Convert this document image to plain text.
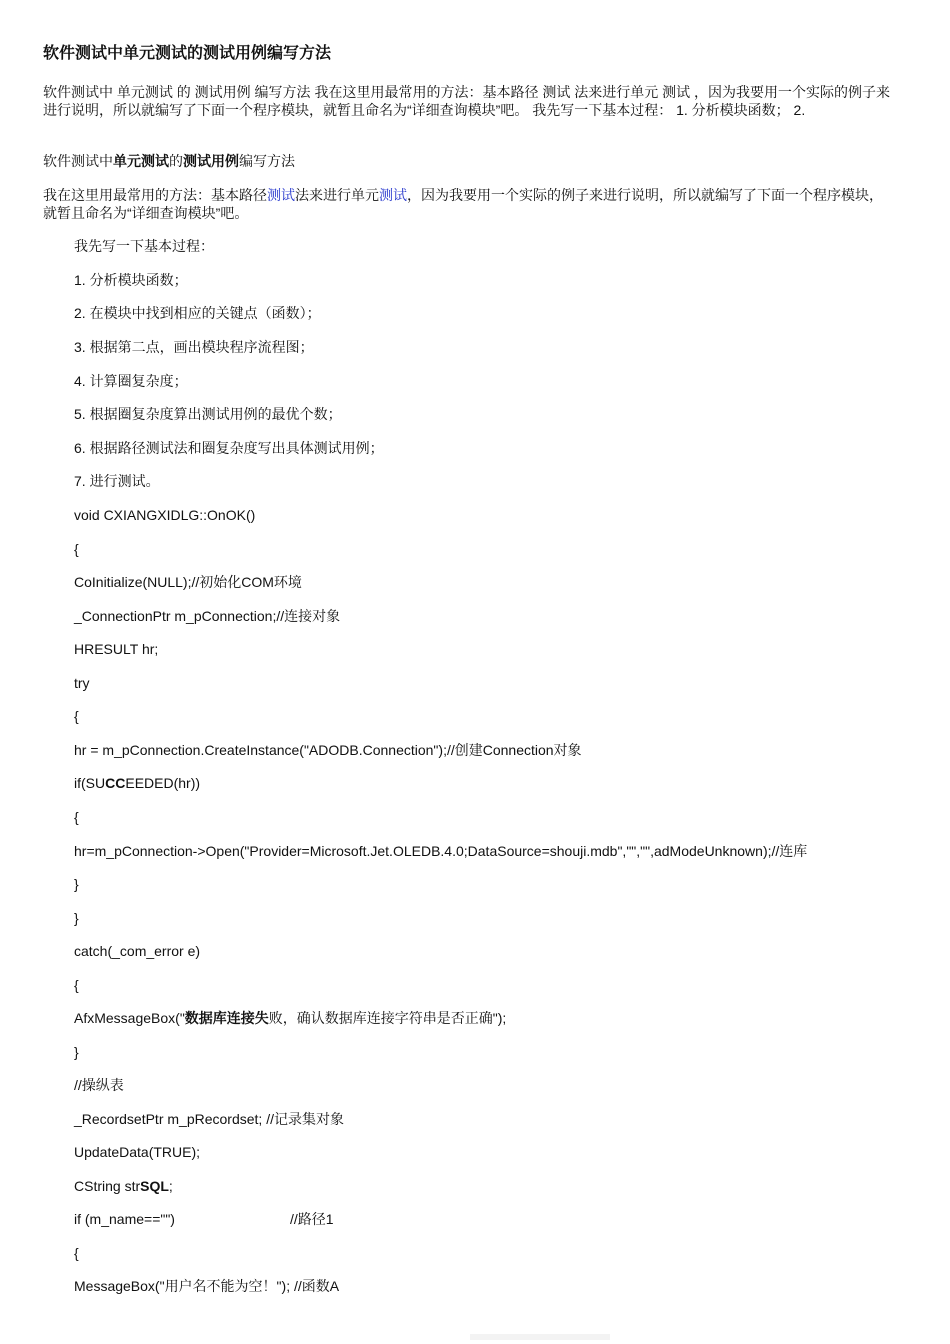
软件测试中单元测试的测试用例编写方法
软件测试中 单元测试 的 测试用例 编写方法 我在这里用最常用的方法：基本路径 测试 法来进行单元 测试 ，因为我要用一个实际的例子来进行说明，所以就编写了下面一个程序模块，就暂且命名为“详细查询模块”吧。 我先写一下基本过程： 1. 分析模块函数； 2.
软件测试中单元测试的测试用例编写方法
我在这里用最常用的方法：基本路径测试法来进行单元测试，因为我要用一个实际的例子来进行说明，所以就编写了下面一个程序模块，就暂且命名为“详细查询模块”吧。
我先写一下基本过程：
1. 分析模块函数；
2. 在模块中找到相应的关键点（函数）；
3. 根据第二点，画出模块程序流程图；
4. 计算圈复杂度；
5. 根据圈复杂度算出测试用例的最优个数；
6. 根据路径测试法和圈复杂度写出具体测试用例；
7. 进行测试。
void CXIANGXIDLG::OnOK()
{
CoInitialize(NULL);//初始化COM环境
_ConnectionPtr m_pConnection;//连接对象
HRESULT hr;
try
{
hr = m_pConnection.CreateInstance("ADODB.Connection");//创建Connection对象
if(SUCCEEDED(hr))
{
hr=m_pConnection->Open("Provider=Microsoft.Jet.OLEDB.4.0;DataSource=shouji.mdb","","",adModeUnknown);//连库
}
}
catch(_com_error e)
{
AfxMessageBox("数据库连接失败，确认数据库连接字符串是否正确");
}
//操纵表
_RecordsetPtr m_pRecordset; //记录集对象
UpdateData(TRUE);
CString strSQL;
if (m_name=="")	//路径1
{
MessageBox("用户名不能为空！"); //函数A
